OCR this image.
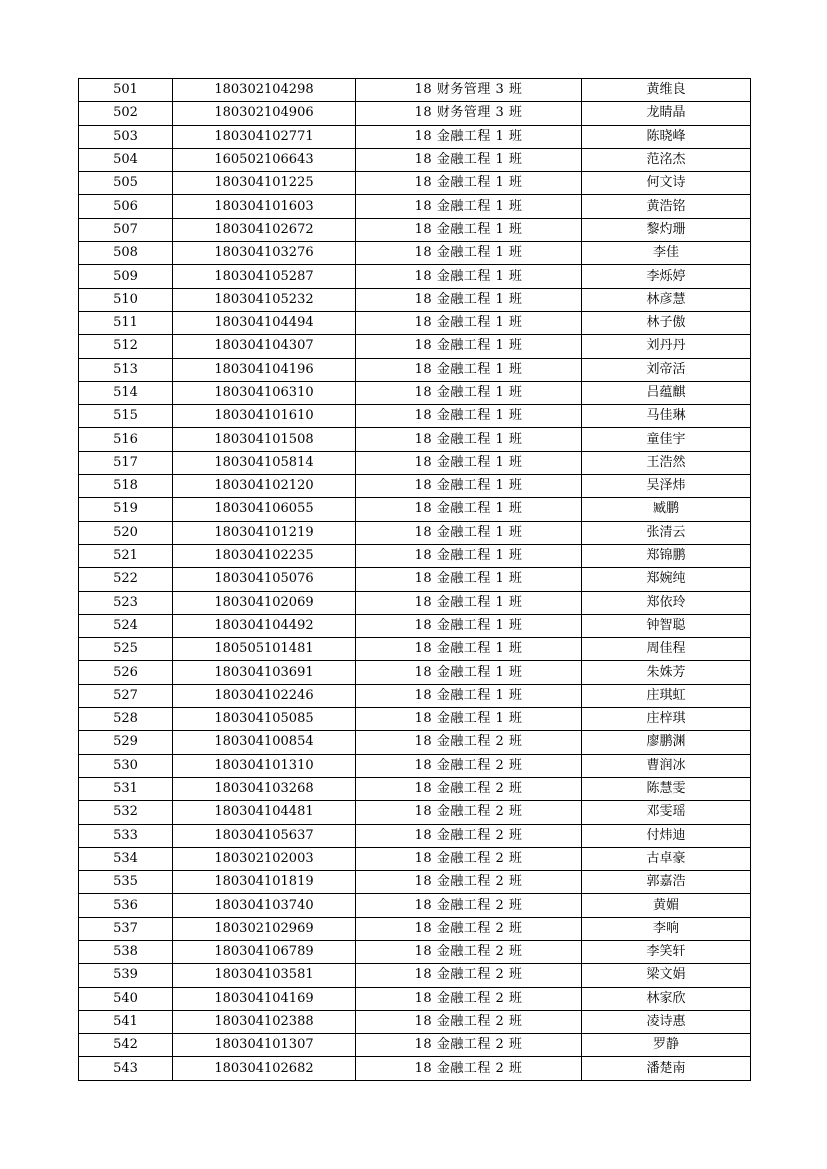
501	180302104298	18 财务管理 3 班	黄维良
502	180302104906	18 财务管理 3 班	龙睛晶
503	180304102771	18 金融工程 1 班	陈晓峰
504	160502106643	18 金融工程 1 班	范洺杰
505	180304101225	18 金融工程 1 班	何文诗
506	180304101603	18 金融工程 1 班	黄浩铭
507	180304102672	18 金融工程 1 班	黎灼珊
508	180304103276	18 金融工程 1 班	李佳
509	180304105287	18 金融工程 1 班	李烁婷
510	180304105232	18 金融工程 1 班	林彦慧
511	180304104494	18 金融工程 1 班	林子傲
512	180304104307	18 金融工程 1 班	刘丹丹
513	180304104196	18 金融工程 1 班	刘帝活
514	180304106310	18 金融工程 1 班	吕蕴麒
515	180304101610	18 金融工程 1 班	马佳琳
516	180304101508	18 金融工程 1 班	童佳宇
517	180304105814	18 金融工程 1 班	王浩然
518	180304102120	18 金融工程 1 班	吴泽炜
519	180304106055	18 金融工程 1 班	臧鹏
520	180304101219	18 金融工程 1 班	张清云
521	180304102235	18 金融工程 1 班	郑锦鹏
522	180304105076	18 金融工程 1 班	郑婉纯
523	180304102069	18 金融工程 1 班	郑依玲
524	180304104492	18 金融工程 1 班	钟智聪
525	180505101481	18 金融工程 1 班	周佳程
526	180304103691	18 金融工程 1 班	朱姝芳
527	180304102246	18 金融工程 1 班	庄琪虹
528	180304105085	18 金融工程 1 班	庄梓琪
529	180304100854	18 金融工程 2 班	廖鹏渊
530	180304101310	18 金融工程 2 班	曹润冰
531	180304103268	18 金融工程 2 班	陈慧雯
532	180304104481	18 金融工程 2 班	邓雯瑶
533	180304105637	18 金融工程 2 班	付炜迪
534	180302102003	18 金融工程 2 班	古卓豪
535	180304101819	18 金融工程 2 班	郭嘉浩
536	180304103740	18 金融工程 2 班	黄媚
537	180302102969	18 金融工程 2 班	李响
538	180304106789	18 金融工程 2 班	李笑轩
539	180304103581	18 金融工程 2 班	梁文娟
540	180304104169	18 金融工程 2 班	林家欣
541	180304102388	18 金融工程 2 班	凌诗惠
542	180304101307	18 金融工程 2 班	罗静
543	180304102682	18 金融工程 2 班	潘楚南
